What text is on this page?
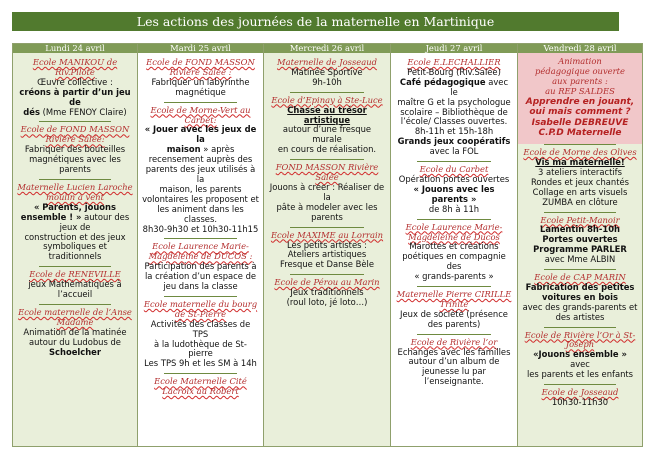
Les actions des journées de la maternelle en Martinique
Lundi 24 avril
Ecole MANIKOU de Riv.Pilote
Œuvre collective :
créons à partir d’un jeu de
dés (Mme FENOY Claire)
Ecole de FOND MASSON Rivière Salée:
Fabriquer des bouteilles
magnétiques avec les parents
Maternelle Lucien Laroche moulin à vent
« Parents, jouons
ensemble ! » autour des jeux de
construction et des jeux
symboliques et traditionnels
Ecole de RENEVILLE
jeux Mathématiques à
l’accueil
Ecole maternelle de l’Anse Madame
Animation de la matinée
autour du Ludobus de
Schoelcher
Mardi 25 avril
Ecole de FOND MASSON Rivière Salée :
Fabriquer un labyrinthe
magnétique
Ecole de Morne-Vert au Carbet:
« Jouer avec les jeux de la
maison » après
recensement auprès des
parents des jeux utilisés à la
maison, les parents
volontaires les proposent et
les animent dans les classes.
8h30-9h30 et 10h30-11h15
Ecole Laurence Marie- Magdeleine de DUCOS :
Participation des parents à
la création d’un espace de
jeu dans la classe
Ecole maternelle du bourg de St-Pierre
Activités des classes de TPS
à la ludothèque de St-pierre
Les TPS 9h et les SM à 14h
Ecole Maternelle Cité Lacroix au Robert
Mercredi 26 avril
Maternelle de Josseaud
Matinée Sportive
9h-10h
Ecole d’Epinay à Ste-Luce
Chasse au trésor artistique
autour d’une fresque murale
en cours de réalisation.
FOND MASSON Rivière Salée
Jouons à créer : Réaliser de la
pâte à modeler avec les parents
Ecole MAXIME au Lorrain
Les petits artistes :
Ateliers artistiques
Fresque et Danse Bèle
Ecole de Pérou au Marin
Jeux traditionnels
(roul loto, jé loto…)
Jeudi 27 avril
Ecole E.LECHALLIER
Petit-Bourg (Riv.Salée)
Café pédagogique avec le
maître G et la psychologue
scolaire – Bibliothèque de
l’école/ Classes ouvertes.
8h-11h et 15h-18h
Grands jeux coopératifs
avec la FOL
Ecole du Carbet
Opération portes ouvertes
« Jouons avec les parents »
de 8h à 11h
Ecole Laurence Marie- Magdeleine de Ducos
Marottes et créations
poétiques en compagnie des
« grands-parents »
Maternelle Pierre CIRILLE Trinité
Jeux de société (présence
des parents)
Ecole de Rivière l’or
Echanges avec les familles
autour d’un album de
jeunesse lu par
l’enseignante.
Vendredi 28 avril
Animation
pédagogique ouverte
aux parents :
au REP SALDES
Apprendre en jouant,
oui mais comment ?
Isabelle DEBREUVE
C.P.D Maternelle
Ecole de Morne des Olives
Vis ma maternelle!
3 ateliers interactifs
Rondes et jeux chantés
Collage en arts visuels
ZUMBA en clôture
Ecole Petit-Manoir
Lamentin 8h-10h
Portes ouvertes
Programme PARLER
avec Mme ALBIN
Ecole de CAP MARIN
Fabrication des petites
voitures en bois
avec des grands-parents et
des artistes
Ecole de Rivière l’Or à St-Joseph
«Jouons ensemble » avec
les parents et les enfants
Ecole de Josseaud
10h30-11h30
